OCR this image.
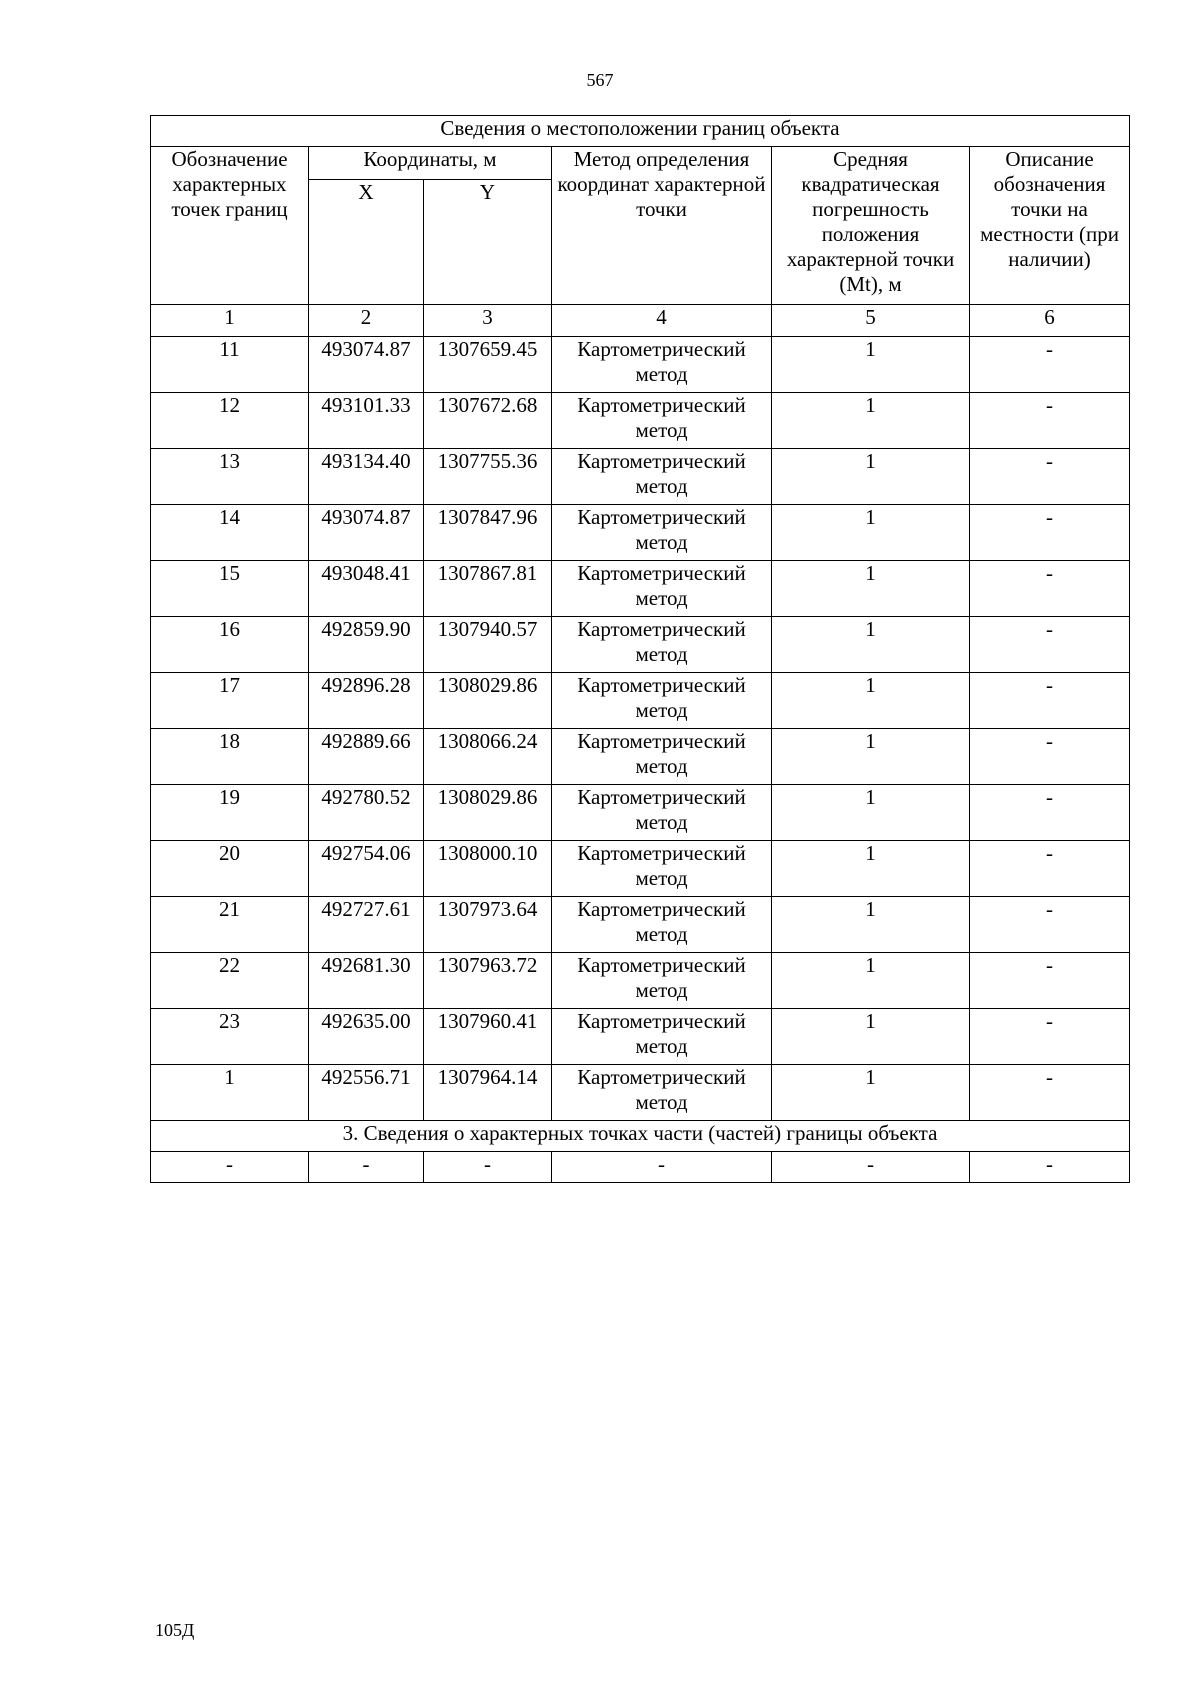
567
Сведения о местоположении границ объекта					
Обозначение характерных точек границ	Координаты, м		Метод определения координат характерной точки	Средняя квадратическая погрешность положения характерной точки (Mt), м	Описание обозначения точки на местности (при наличии)
	X	Y			
1	2	3	4	5	6
11	493074.87	1307659.45	Картометрический метод	1	-
12	493101.33	1307672.68	Картометрический метод	1	-
13	493134.40	1307755.36	Картометрический метод	1	-
14	493074.87	1307847.96	Картометрический метод	1	-
15	493048.41	1307867.81	Картометрический метод	1	-
16	492859.90	1307940.57	Картометрический метод	1	-
17	492896.28	1308029.86	Картометрический метод	1	-
18	492889.66	1308066.24	Картометрический метод	1	-
19	492780.52	1308029.86	Картометрический метод	1	-
20	492754.06	1308000.10	Картометрический метод	1	-
21	492727.61	1307973.64	Картометрический метод	1	-
22	492681.30	1307963.72	Картометрический метод	1	-
23	492635.00	1307960.41	Картометрический метод	1	-
1	492556.71	1307964.14	Картометрический метод	1	-
3. Сведения о характерных точках части (частей) границы объекта					
-	-	-	-	-	-
105Д
